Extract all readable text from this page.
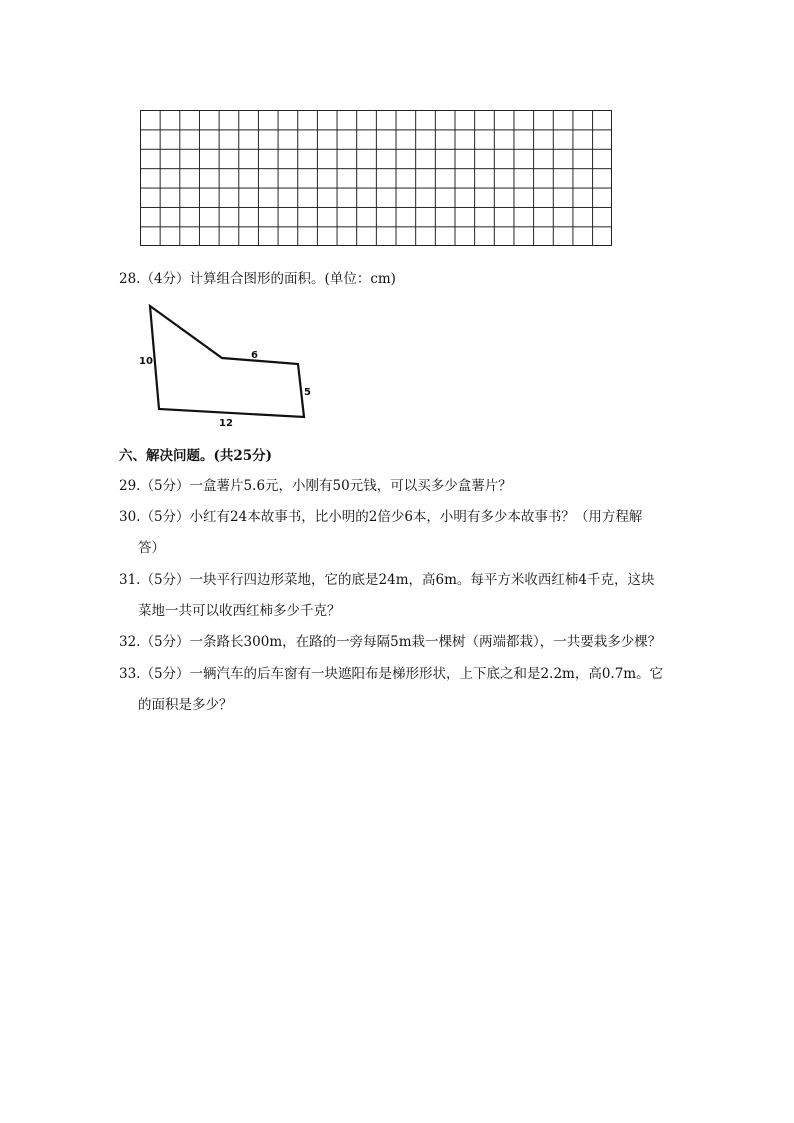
28.（4分）计算组合图形的面积。(单位：cm)
10
6
5
12
六、解决问题。(共25分)
29.（5分）一盒薯片5.6元，小刚有50元钱，可以买多少盒薯片？
30.（5分）小红有24本故事书，比小明的2倍少6本，小明有多少本故事书？（用方程解
答）
31.（5分）一块平行四边形菜地，它的底是24m，高6m。每平方米收西红柿4千克，这块
菜地一共可以收西红柿多少千克？
32.（5分）一条路长300m，在路的一旁每隔5m栽一棵树（两端都栽），一共要栽多少棵？
33.（5分）一辆汽车的后车窗有一块遮阳布是梯形形状，上下底之和是2.2m，高0.7m。它
的面积是多少？
